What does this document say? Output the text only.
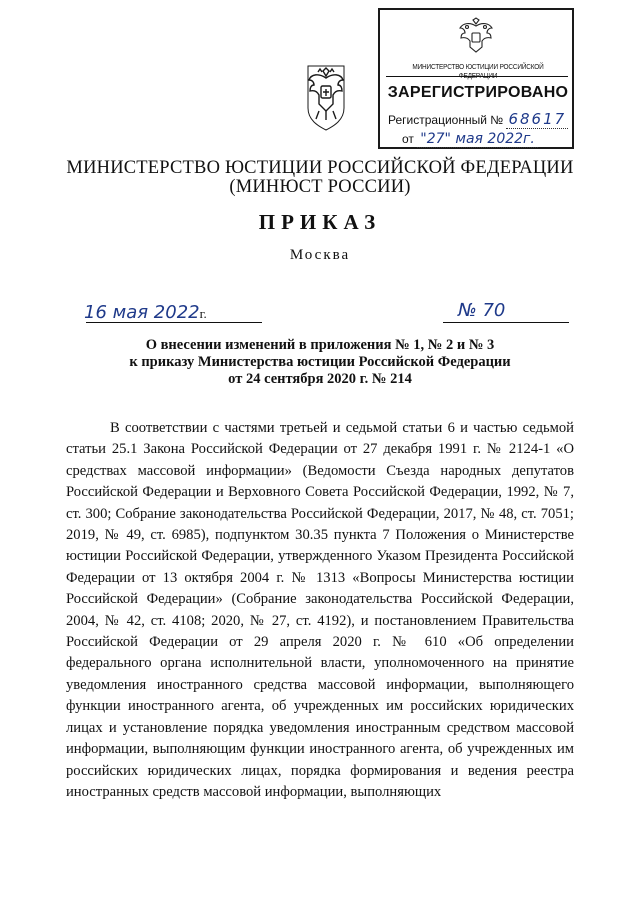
МИНИСТЕРСТВО ЮСТИЦИИ РОССИЙСКОЙ ФЕДЕРАЦИИ
ЗАРЕГИСТРИРОВАНО
Регистрационный № 68617
от "27" мая 2022г.
МИНИСТЕРСТВО ЮСТИЦИИ РОССИЙСКОЙ ФЕДЕРАЦИИ
(МИНЮСТ РОССИИ)
ПРИКАЗ
Москва
16 мая 2022г.	№ 70
О внесении изменений в приложения № 1, № 2 и № 3
к приказу Министерства юстиции Российской Федерации
от 24 сентября 2020 г. № 214

В соответствии с частями третьей и седьмой статьи 6 и частью седьмой статьи 25.1 Закона Российской Федерации от 27 декабря 1991 г. № 2124-1 «О средствах массовой информации» (Ведомости Съезда народных депутатов Российской Федерации и Верховного Совета Российской Федерации, 1992, № 7, ст. 300; Собрание законодательства Российской Федерации, 2017, № 48, ст. 7051; 2019, № 49, ст. 6985), подпунктом 30.35 пункта 7 Положения о Министерстве юстиции Российской Федерации, утвержденного Указом Президента Российской Федерации от 13 октября 2004 г. № 1313 «Вопросы Министерства юстиции Российской Федерации» (Собрание законодательства Российской Федерации, 2004, № 42, ст. 4108; 2020, № 27, ст. 4192), и постановлением Правительства Российской Федерации от 29 апреля 2020 г. № 610 «Об определении федерального органа исполнительной власти, уполномоченного на принятие уведомления иностранного средства массовой информации, выполняющего функции иностранного агента, об учрежденных им российских юридических лицах и установление порядка уведомления иностранным средством массовой информации, выполняющим функции иностранного агента, об учрежденных им российских юридических лицах, порядка формирования и ведения реестра иностранных средств массовой информации, выполняющих
